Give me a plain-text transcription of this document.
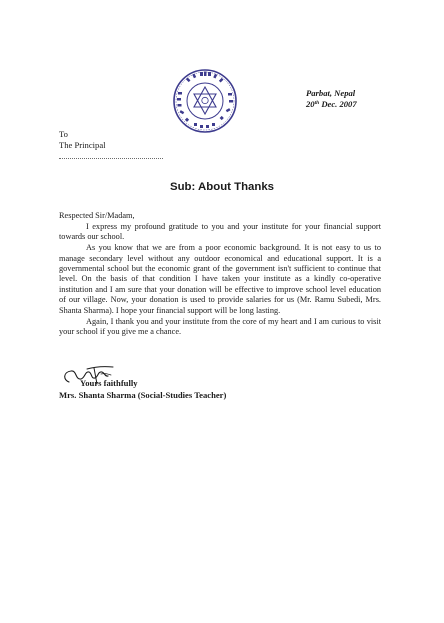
Parbat, Nepal
20th Dec. 2007
To
The Principal
Sub: About Thanks

Respected Sir/Madam,

I express my profound gratitude to you and your institute for your financial support towards our school.

As you know that we are from a poor economic background. It is not easy to us to manage secondary level without any outdoor economical and educational support. It is a governmental school but the economic grant of the government isn't sufficient to continue that level. On the basis of that condition I have taken your institute as a kindly co-operative institution and I am sure that your donation will be effective to improve school level education of our village. Now, your donation is used to provide salaries for us (Mr. Ramu Subedi, Mrs. Shanta Sharma). I hope your financial support will be long lasting.

Again, I thank you and your institute from the core of my heart and I am curious to visit your school if you give me a chance.

Yours faithfully
Mrs. Shanta Sharma (Social-Studies Teacher)
